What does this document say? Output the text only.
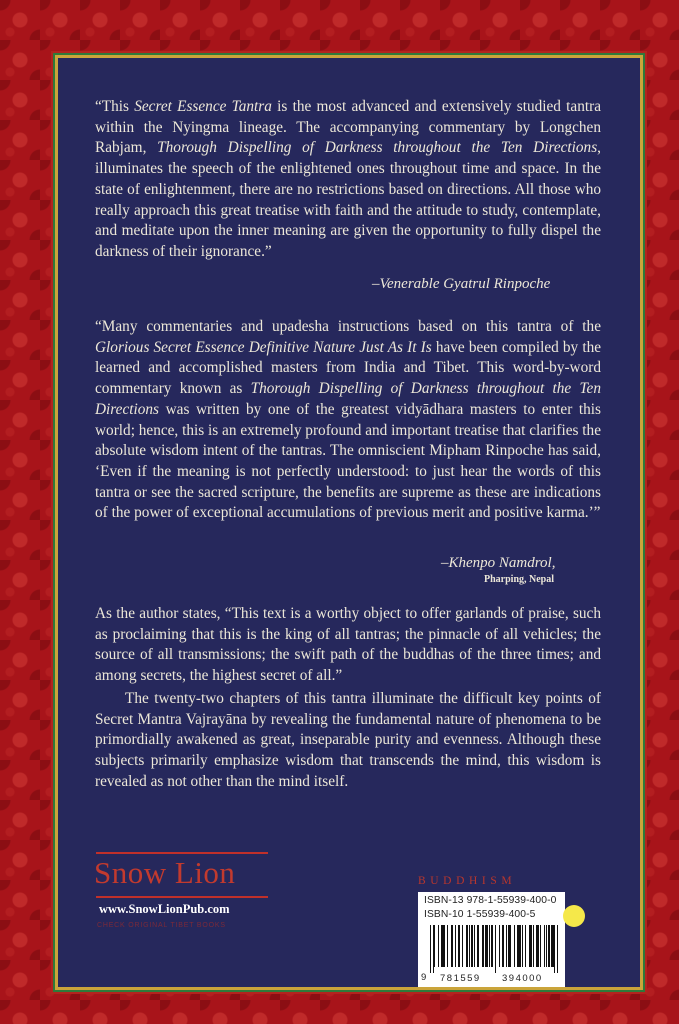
“This Secret Essence Tantra is the most advanced and extensively studied tantra within the Nyingma lineage. The accompanying commentary by Longchen Rabjam, Thorough Dispelling of Darkness throughout the Ten Directions, illuminates the speech of the enlightened ones throughout time and space. In the state of enlightenment, there are no restrictions based on directions. All those who really approach this great treatise with faith and the attitude to study, contemplate, and meditate upon the inner meaning are given the opportunity to fully dispel the darkness of their ignorance.”

–Venerable Gyatrul Rinpoche

“Many commentaries and upadesha instructions based on this tantra of the Glorious Secret Essence Definitive Nature Just As It Is have been compiled by the learned and accomplished masters from India and Tibet. This word-by-word commentary known as Thorough Dispelling of Darkness throughout the Ten Directions was written by one of the greatest vidyādhara masters to enter this world; hence, this is an extremely profound and important treatise that clarifies the absolute wisdom intent of the tantras. The omniscient Mipham Rinpoche has said, ‘Even if the meaning is not perfectly understood: to just hear the words of this tantra or see the sacred scripture, the benefits are supreme as these are indications of the power of exceptional accumulations of previous merit and positive karma.’”

–Khenpo Namdrol,
Pharping, Nepal

As the author states, “This text is a worthy object to offer garlands of praise, such as proclaiming that this is the king of all tantras; the pinnacle of all vehicles; the source of all transmissions; the swift path of the buddhas of the three times; and among secrets, the highest secret of all.”

The twenty-two chapters of this tantra illuminate the difficult key points of Secret Mantra Vajrayāna by revealing the fundamental nature of phenomena to be primordially awakened as great, inseparable purity and evenness. Although these subjects primarily emphasize wisdom that transcends the mind, this wisdom is revealed as not other than the mind itself.

Snow Lion
www.SnowLionPub.com
CHECK ORIGINAL TIBET BOOKS
BUDDHISM
ISBN-13 978-1-55939-400-0
ISBN-10 1-55939-400-5
9 781559 394000
